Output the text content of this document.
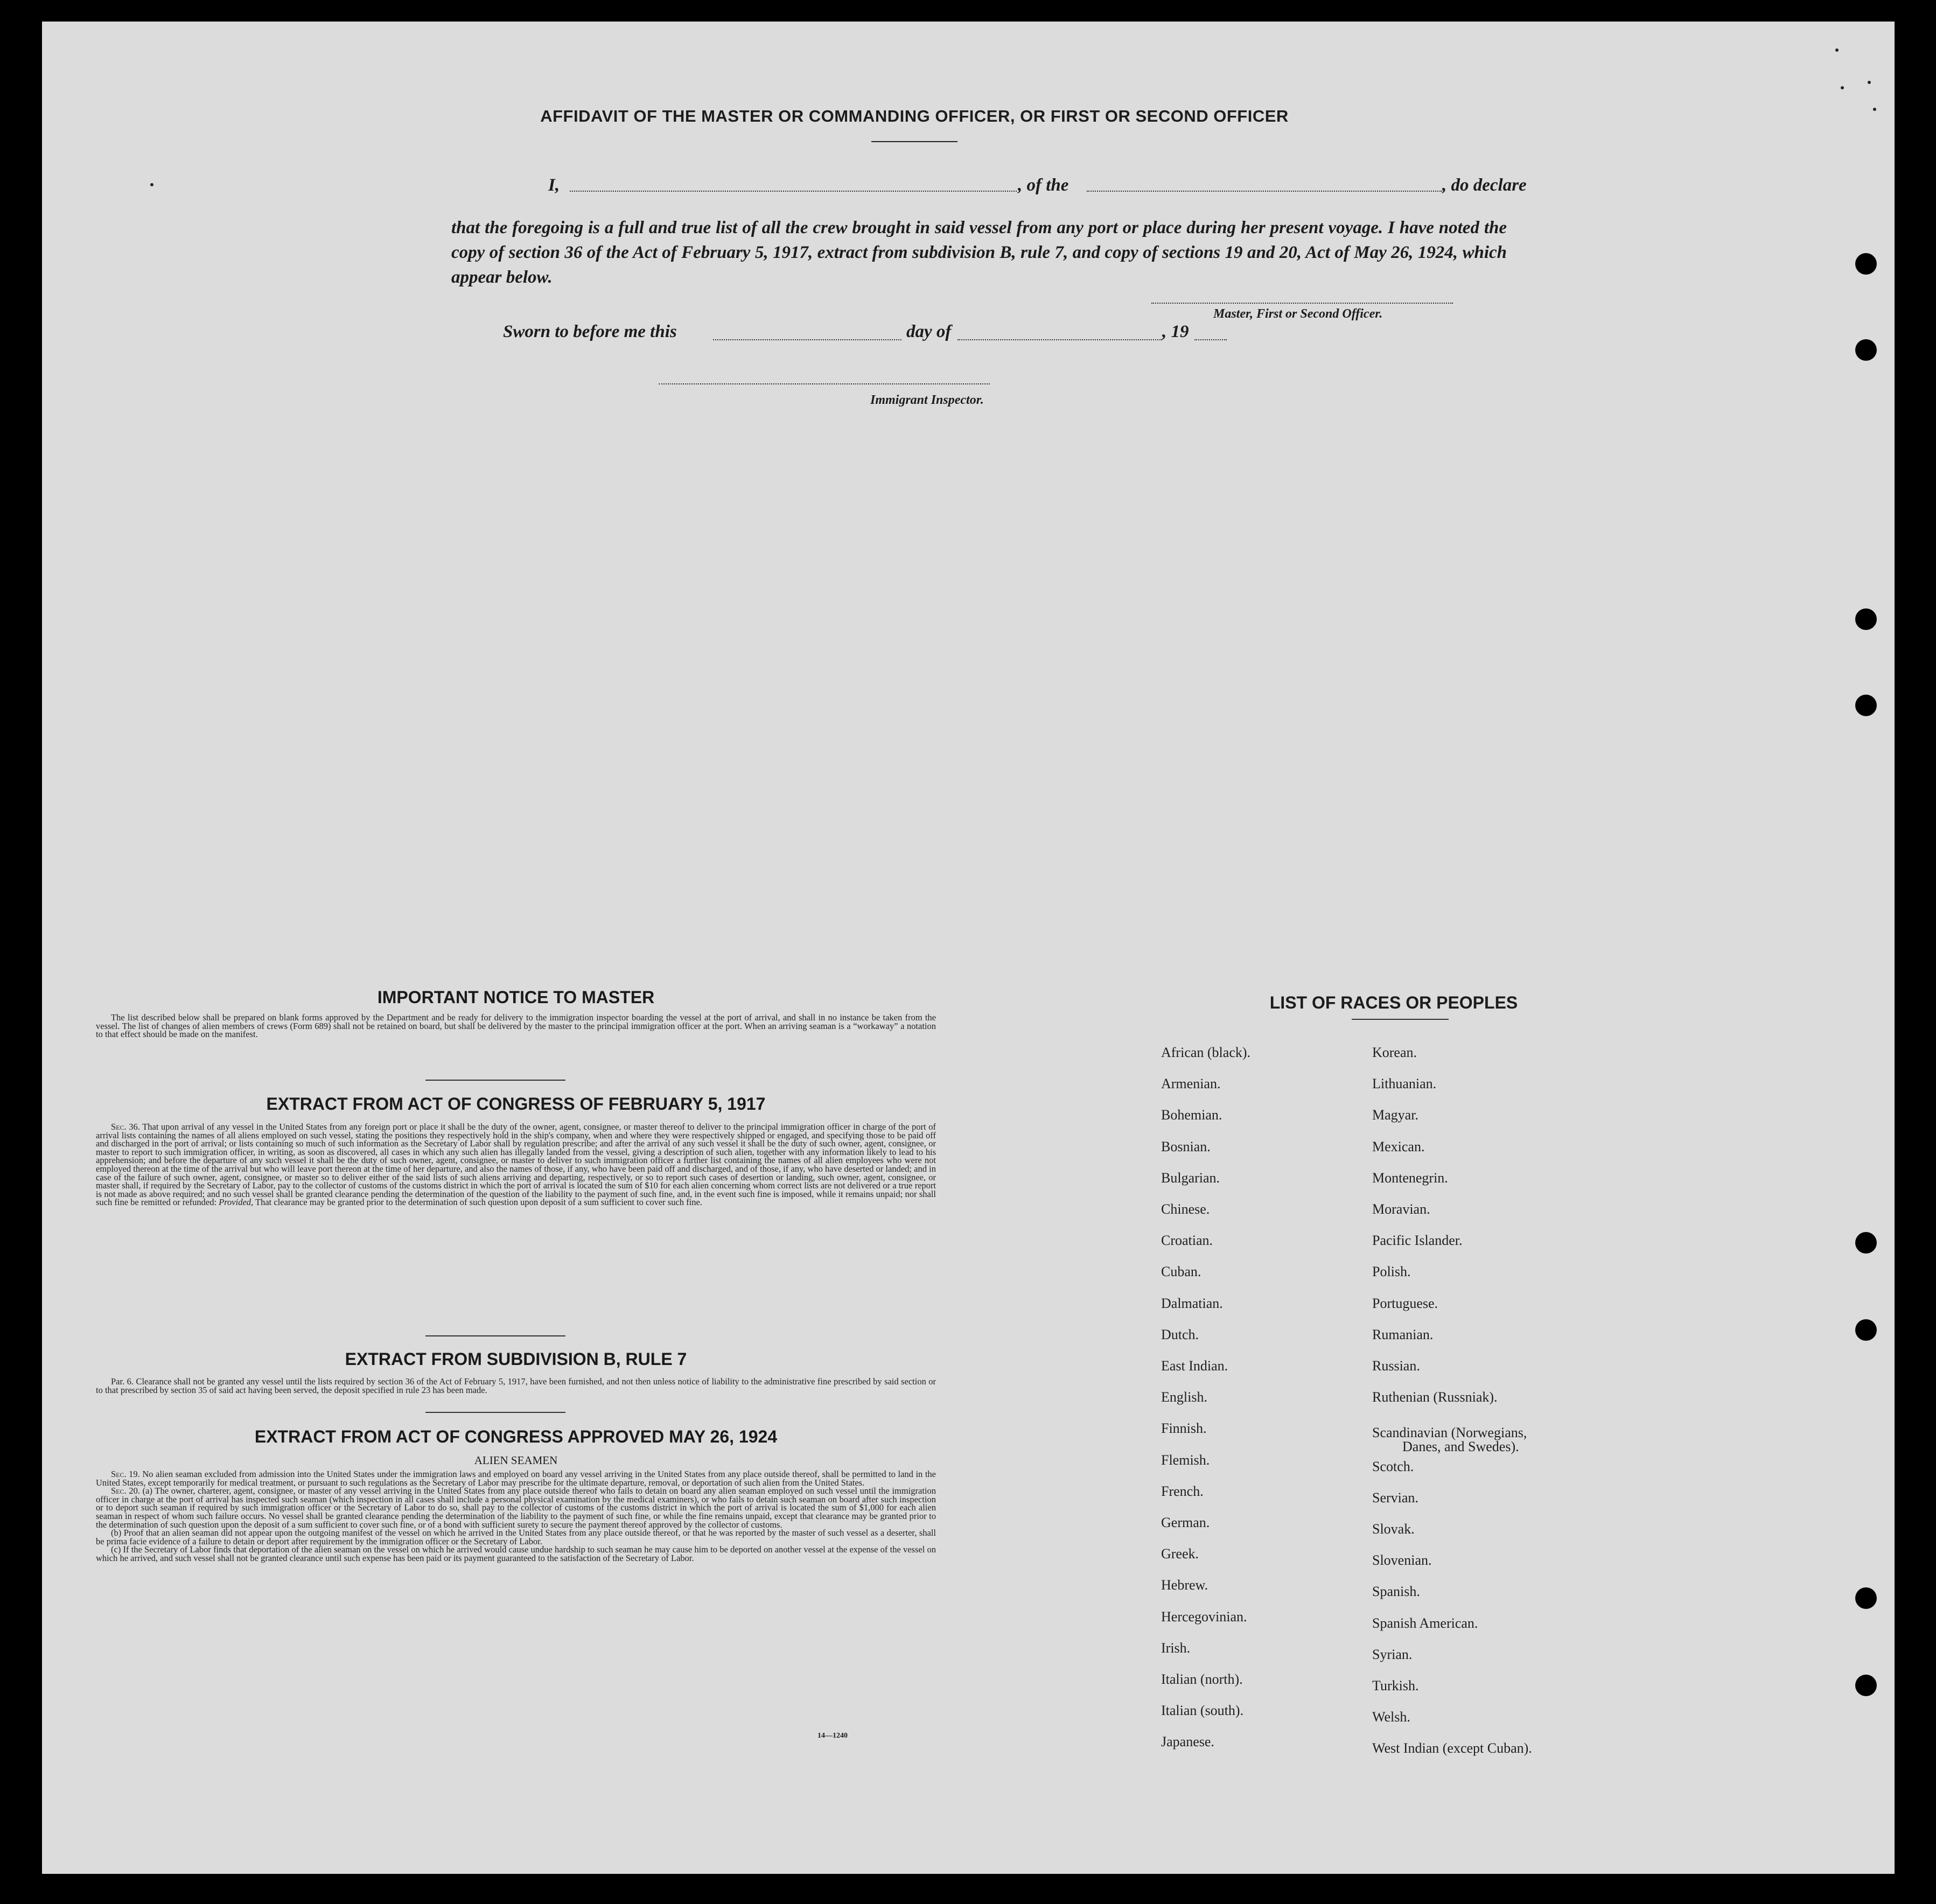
AFFIDAVIT OF THE MASTER OR COMMANDING OFFICER, OR FIRST OR SECOND OFFICER
I,	, of the	, do declare
that the foregoing is a full and true list of all the crew brought in said vessel from any port or place during her present voyage. I have noted the copy of section 36 of the Act of February 5, 1917, extract from subdivision B, rule 7, and copy of sections 19 and 20, Act of May 26, 1924, which appear below.
Master, First or Second Officer.
Sworn to before me this	day of	, 19
Immigrant Inspector.
IMPORTANT NOTICE TO MASTER

The list described below shall be prepared on blank forms approved by the Department and be ready for delivery to the immigration inspector boarding the vessel at the port of arrival, and shall in no instance be taken from the vessel. The list of changes of alien members of crews (Form 689) shall not be retained on board, but shall be delivered by the master to the principal immigration officer at the port. When an arriving seaman is a “workaway” a notation to that effect should be made on the manifest.

EXTRACT FROM ACT OF CONGRESS OF FEBRUARY 5, 1917

Sec. 36. That upon arrival of any vessel in the United States from any foreign port or place it shall be the duty of the owner, agent, consignee, or master thereof to deliver to the principal immigration officer in charge of the port of arrival lists containing the names of all aliens employed on such vessel, stating the positions they respectively hold in the ship's company, when and where they were respectively shipped or engaged, and specifying those to be paid off and discharged in the port of arrival; or lists containing so much of such information as the Secretary of Labor shall by regulation prescribe; and after the arrival of any such vessel it shall be the duty of such owner, agent, consignee, or master to report to such immigration officer, in writing, as soon as discovered, all cases in which any such alien has illegally landed from the vessel, giving a description of such alien, together with any information likely to lead to his apprehension; and before the departure of any such vessel it shall be the duty of such owner, agent, consignee, or master to deliver to such immigration officer a further list containing the names of all alien employees who were not employed thereon at the time of the arrival but who will leave port thereon at the time of her departure, and also the names of those, if any, who have been paid off and discharged, and of those, if any, who have deserted or landed; and in case of the failure of such owner, agent, consignee, or master so to deliver either of the said lists of such aliens arriving and departing, respectively, or so to report such cases of desertion or landing, such owner, agent, consignee, or master shall, if required by the Secretary of Labor, pay to the collector of customs of the customs district in which the port of arrival is located the sum of $10 for each alien concerning whom correct lists are not delivered or a true report is not made as above required; and no such vessel shall be granted clearance pending the determination of the question of the liability to the payment of such fine, and, in the event such fine is imposed, while it remains unpaid; nor shall such fine be remitted or refunded: Provided, That clearance may be granted prior to the determination of such question upon deposit of a sum sufficient to cover such fine.

EXTRACT FROM SUBDIVISION B, RULE 7

Par. 6. Clearance shall not be granted any vessel until the lists required by section 36 of the Act of February 5, 1917, have been furnished, and not then unless notice of liability to the administrative fine prescribed by said section or to that prescribed by section 35 of said act having been served, the deposit specified in rule 23 has been made.

EXTRACT FROM ACT OF CONGRESS APPROVED MAY 26, 1924
ALIEN SEAMEN

Sec. 19. No alien seaman excluded from admission into the United States under the immigration laws and employed on board any vessel arriving in the United States from any place outside thereof, shall be permitted to land in the United States, except temporarily for medical treatment, or pursuant to such regulations as the Secretary of Labor may prescribe for the ultimate departure, removal, or deportation of such alien from the United States.

Sec. 20. (a) The owner, charterer, agent, consignee, or master of any vessel arriving in the United States from any place outside thereof who fails to detain on board any alien seaman employed on such vessel until the immigration officer in charge at the port of arrival has inspected such seaman (which inspection in all cases shall include a personal physical examination by the medical examiners), or who fails to detain such seaman on board after such inspection or to deport such seaman if required by such immigration officer or the Secretary of Labor to do so, shall pay to the collector of customs of the customs district in which the port of arrival is located the sum of $1,000 for each alien seaman in respect of whom such failure occurs. No vessel shall be granted clearance pending the determination of the liability to the payment of such fine, or while the fine remains unpaid, except that clearance may be granted prior to the determination of such question upon the deposit of a sum sufficient to cover such fine, or of a bond with sufficient surety to secure the payment thereof approved by the collector of customs.

(b) Proof that an alien seaman did not appear upon the outgoing manifest of the vessel on which he arrived in the United States from any place outside thereof, or that he was reported by the master of such vessel as a deserter, shall be prima facie evidence of a failure to detain or deport after requirement by the immigration officer or the Secretary of Labor.

(c) If the Secretary of Labor finds that deportation of the alien seaman on the vessel on which he arrived would cause undue hardship to such seaman he may cause him to be deported on another vessel at the expense of the vessel on which he arrived, and such vessel shall not be granted clearance until such expense has been paid or its payment guaranteed to the satisfaction of the Secretary of Labor.

14—1240
LIST OF RACES OR PEOPLES
African (black).
Armenian.
Bohemian.
Bosnian.
Bulgarian.
Chinese.
Croatian.
Cuban.
Dalmatian.
Dutch.
East Indian.
English.
Finnish.
Flemish.
French.
German.
Greek.
Hebrew.
Hercegovinian.
Irish.
Italian (north).
Italian (south).
Japanese.
Korean.
Lithuanian.
Magyar.
Mexican.
Montenegrin.
Moravian.
Pacific Islander.
Polish.
Portuguese.
Rumanian.
Russian.
Ruthenian (Russniak).
Scandinavian (Norwegians,
Danes, and Swedes).
Scotch.
Servian.
Slovak.
Slovenian.
Spanish.
Spanish American.
Syrian.
Turkish.
Welsh.
West Indian (except Cuban).
